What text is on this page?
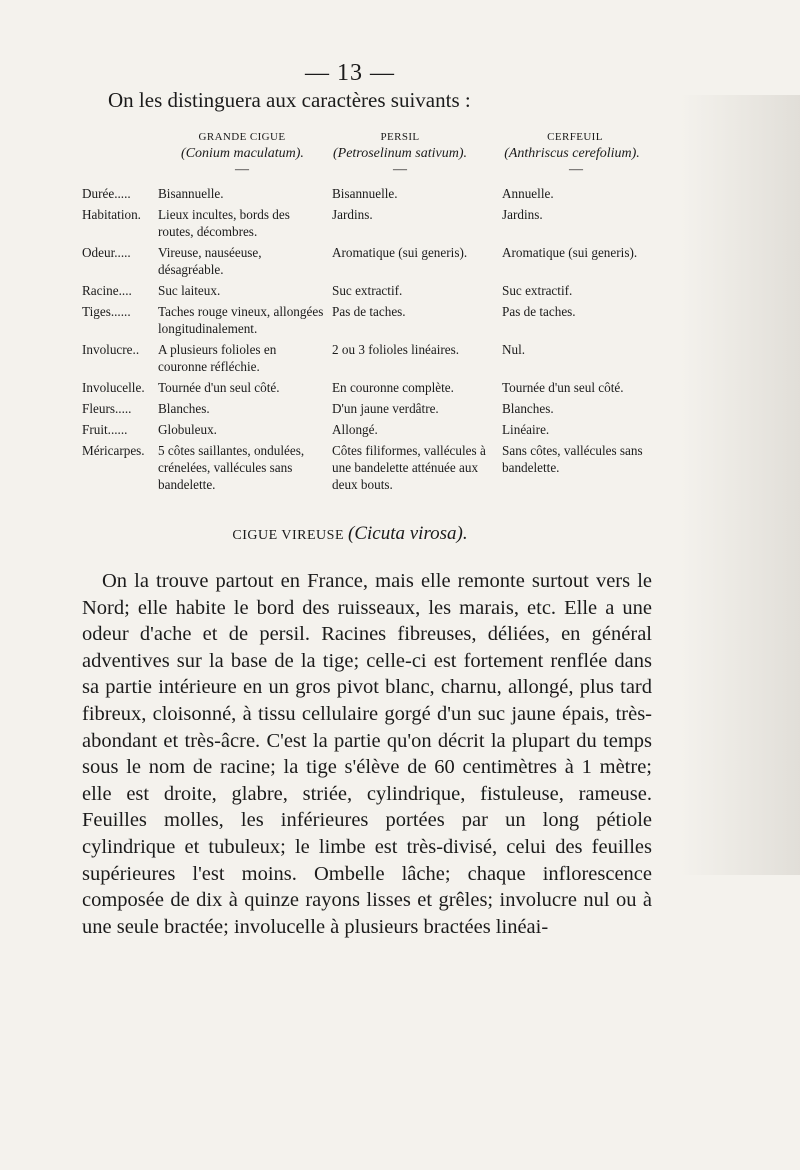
— 13 —
On les distinguera aux caractères suivants :
GRANDE CIGUE
(Conium maculatum).
—
PERSIL
(Petroselinum sativum).
—
CERFEUIL
(Anthriscus cerefolium).
—
Durée.....	Bisannuelle.	Bisannuelle.	Annuelle.
Habitation.	Lieux incultes, bords des routes, décombres.	Jardins.	Jardins.
Odeur.....	Vireuse, nauséeuse, désagréable.	Aromatique (sui generis).	Aromatique (sui generis).
Racine....	Suc laiteux.	Suc extractif.	Suc extractif.
Tiges......	Taches rouge vineux, allongées longitudinalement.	Pas de taches.	Pas de taches.
Involucre..	A plusieurs folioles en couronne réfléchie.	2 ou 3 folioles linéaires.	Nul.
Involucelle.	Tournée d'un seul côté.	En couronne complète.	Tournée d'un seul côté.
Fleurs.....	Blanches.	D'un jaune verdâtre.	Blanches.
Fruit......	Globuleux.	Allongé.	Linéaire.
Méricarpes.	5 côtes saillantes, ondulées, crénelées, vallécules sans bandelette.	Côtes filiformes, vallécules à une bandelette atténuée aux deux bouts.	Sans côtes, vallécules sans bandelette.
CIGUE VIREUSE (Cicuta virosa).

On la trouve partout en France, mais elle remonte surtout vers le Nord; elle habite le bord des ruisseaux, les marais, etc. Elle a une odeur d'ache et de persil. Racines fibreuses, déliées, en général adventives sur la base de la tige; celle-ci est fortement renflée dans sa partie intérieure en un gros pivot blanc, charnu, allongé, plus tard fibreux, cloisonné, à tissu cellulaire gorgé d'un suc jaune épais, très-abondant et très-âcre. C'est la partie qu'on décrit la plupart du temps sous le nom de racine; la tige s'élève de 60 centimètres à 1 mètre; elle est droite, glabre, striée, cylindrique, fistuleuse, rameuse. Feuilles molles, les inférieures portées par un long pétiole cylindrique et tubuleux; le limbe est très-divisé, celui des feuilles supérieures l'est moins. Ombelle lâche; chaque inflorescence composée de dix à quinze rayons lisses et grêles; involucre nul ou à une seule bractée; involucelle à plusieurs bractées linéai-
